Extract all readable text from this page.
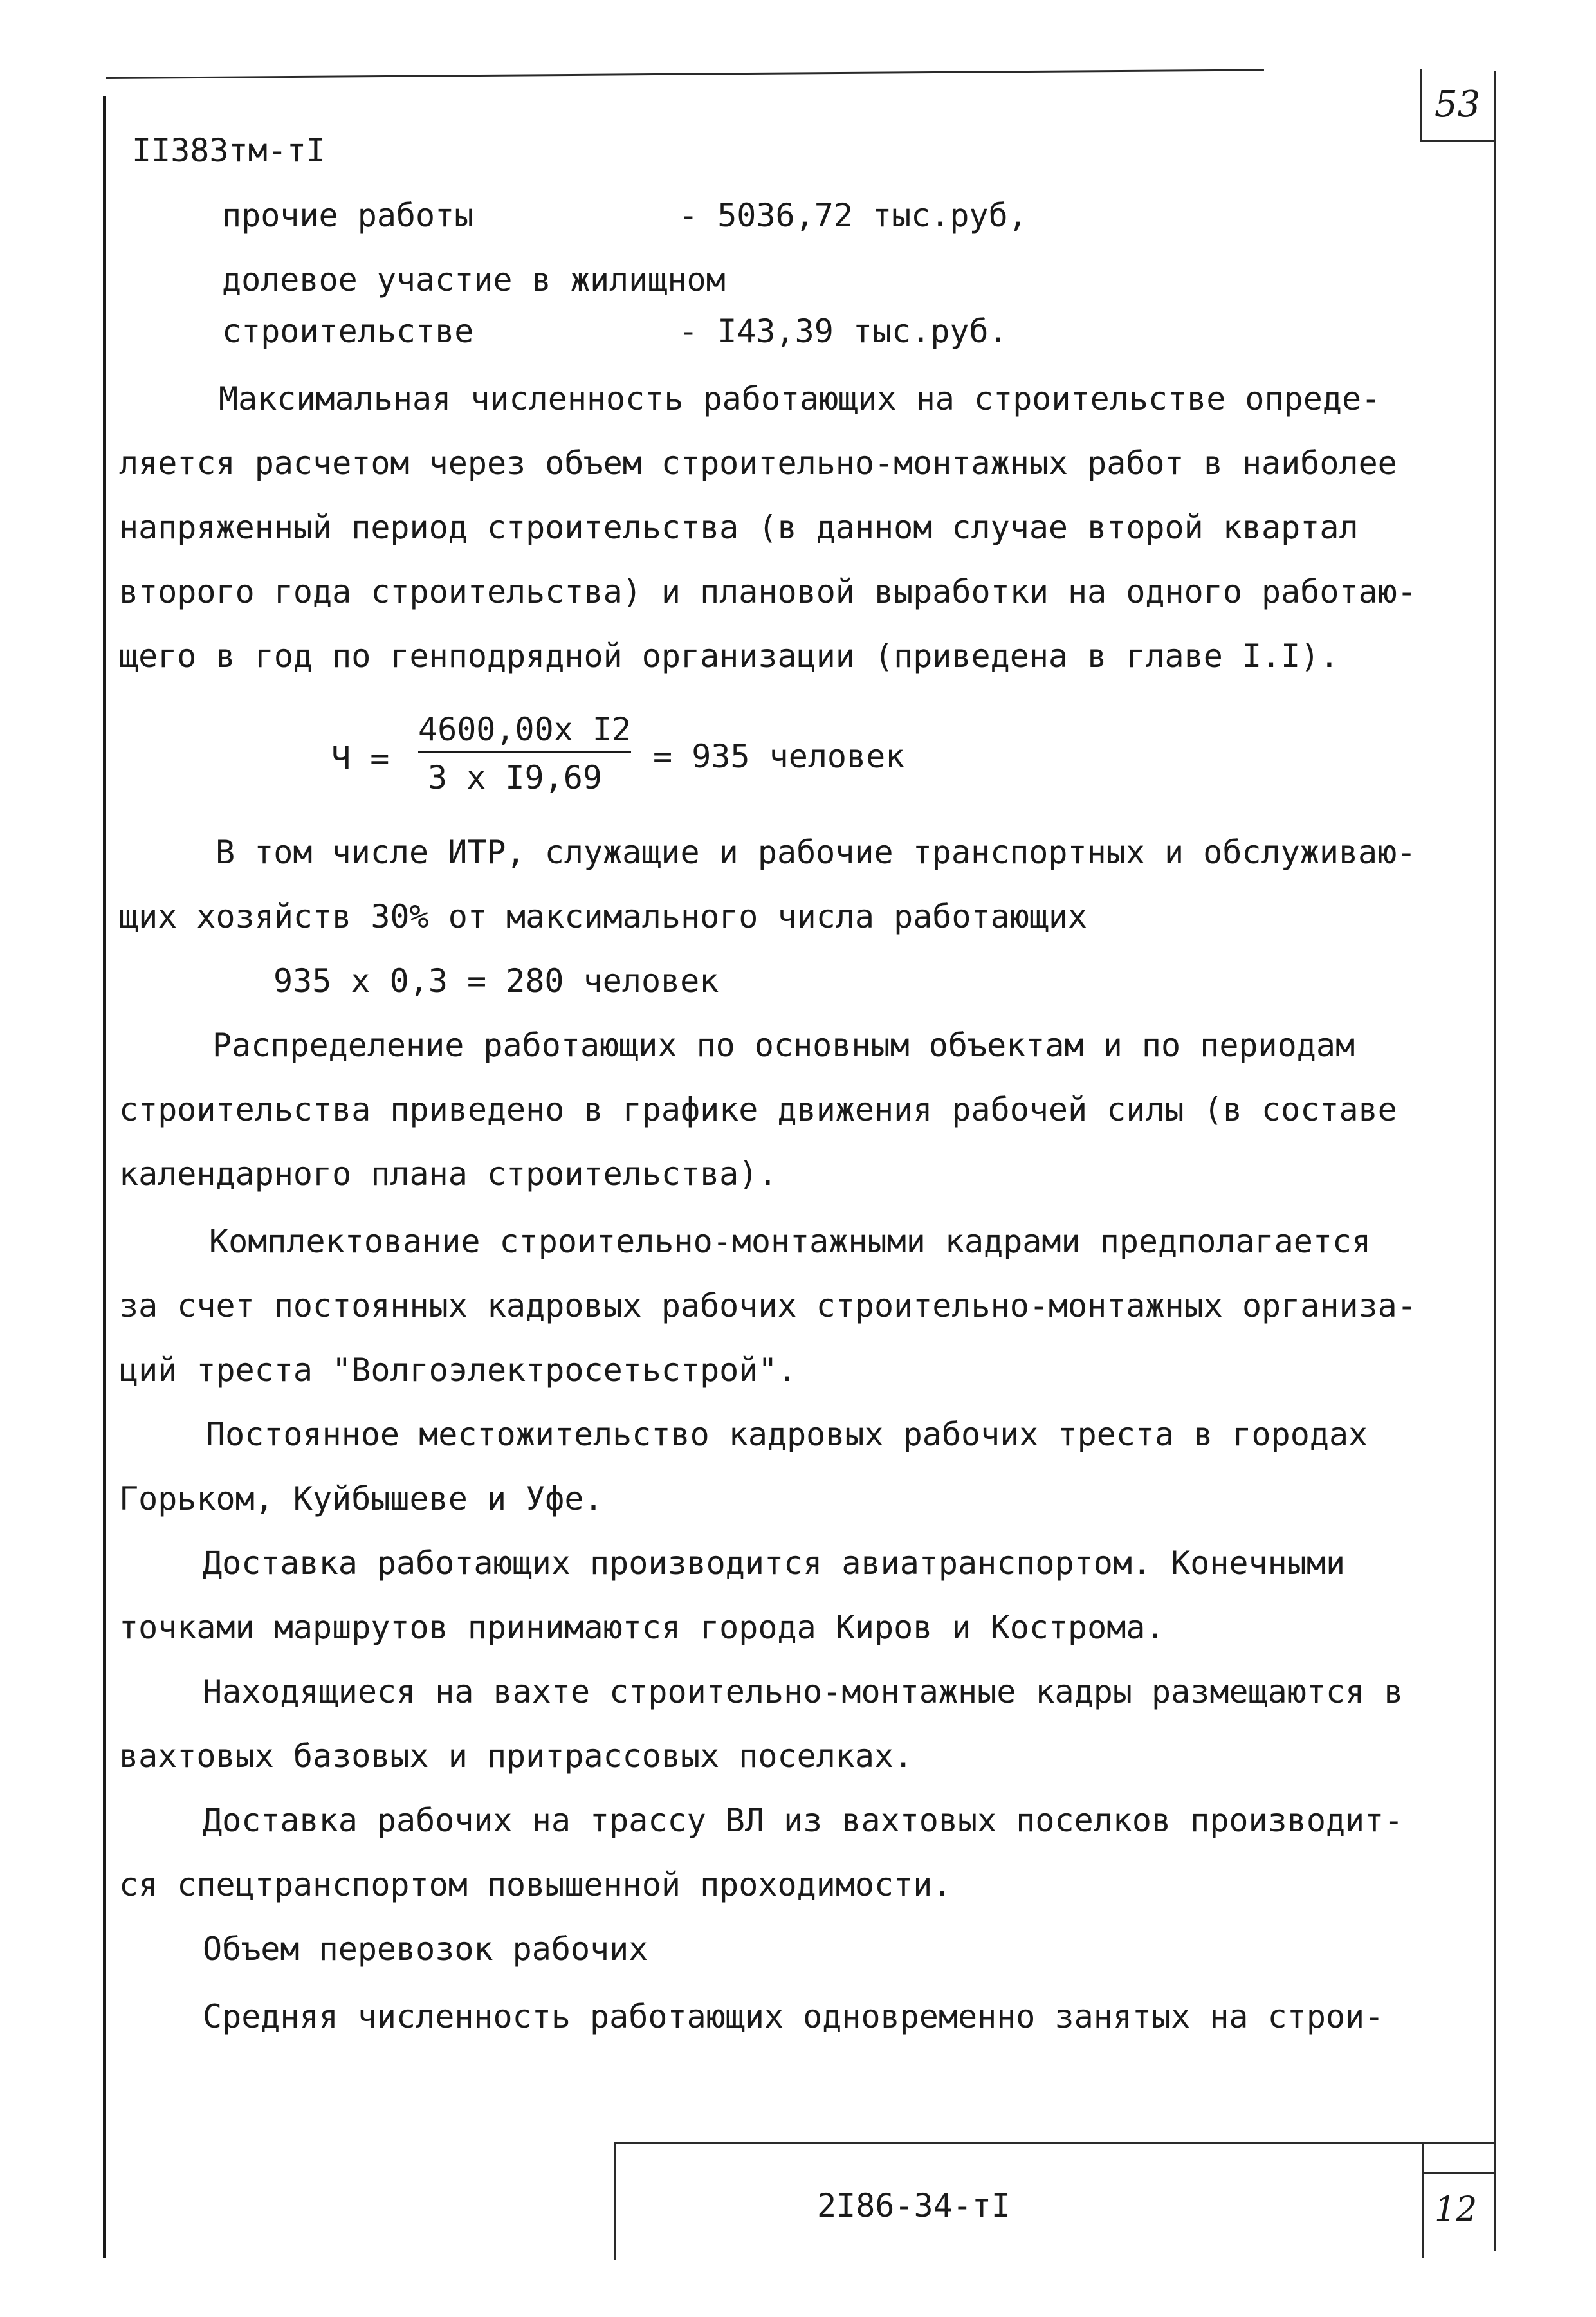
53
II383тм-тI
прочие работы	- 5036,72 тыс.руб,
долевое участие в жилищном
строительстве	- I43,39 тыс.руб.
Максимальная численность работающих на строительстве опреде-
ляется расчетом через объем строительно-монтажных работ в наиболее
напряженный период строительства (в данном случае второй квартал
второго года строительства) и плановой выработки на одного работаю-
щего в год по генподрядной организации (приведена в главе I.I).
Ч =
4600,00x I2
3 x I9,69
= 935 человек
В том числе ИТР, служащие и рабочие транспортных и обслуживаю-
щих хозяйств 30% от максимального числа работающих
935 x 0,3 = 280 человек
Распределение работающих по основным объектам и по периодам
строительства приведено в графике движения рабочей силы (в составе
календарного плана строительства).
Комплектование строительно-монтажными кадрами предполагается
за счет постоянных кадровых рабочих строительно-монтажных организа-
ций треста "Волгоэлектросетьстрой".
Постоянное местожительство кадровых рабочих треста в городах
Горьком, Куйбышеве и Уфе.
Доставка работающих производится авиатранспортом. Конечными
точками маршрутов принимаются города Киров и Кострома.
Находящиеся на вахте строительно-монтажные кадры размещаются в
вахтовых базовых и притрассовых поселках.
Доставка рабочих на трассу ВЛ из вахтовых поселков производит-
ся спецтранспортом повышенной проходимости.
Объем перевозок рабочих
Средняя численность работающих одновременно занятых на строи-
2I86-34-тI	12
